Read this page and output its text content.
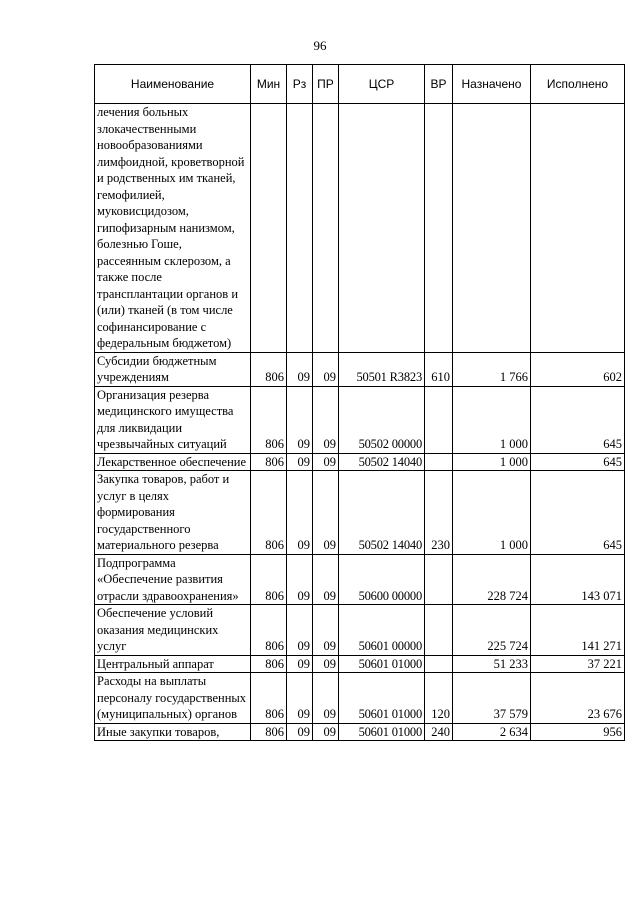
96
Наименование	Мин	Рз	ПР	ЦСР	ВР	Назначено	Исполнено
лечения больных злокачественными новообразованиями лимфоидной, кроветворной и родственных им тканей, гемофилией, муковисцидозом, гипофизарным нанизмом, болезнью Гоше, рассеянным склерозом, а также после трансплантации органов и (или) тканей (в том числе софинансирование с федеральным бюджетом)							
Субсидии бюджетным учреждениям	806	09	09	50501 R3823	610	1 766	602
Организация резерва медицинского имущества для ликвидации чрезвычайных ситуаций	806	09	09	50502 00000		1 000	645
Лекарственное обеспечение	806	09	09	50502 14040		1 000	645
Закупка товаров, работ и услуг в целях формирования государственного материального резерва	806	09	09	50502 14040	230	1 000	645
Подпрограмма «Обеспечение развития отрасли здравоохранения»	806	09	09	50600 00000		228 724	143 071
Обеспечение условий оказания медицинских услуг	806	09	09	50601 00000		225 724	141 271
Центральный аппарат	806	09	09	50601 01000		51 233	37 221
Расходы на выплаты персоналу государственных (муниципальных) органов	806	09	09	50601 01000	120	37 579	23 676
Иные закупки товаров,	806	09	09	50601 01000	240	2 634	956
